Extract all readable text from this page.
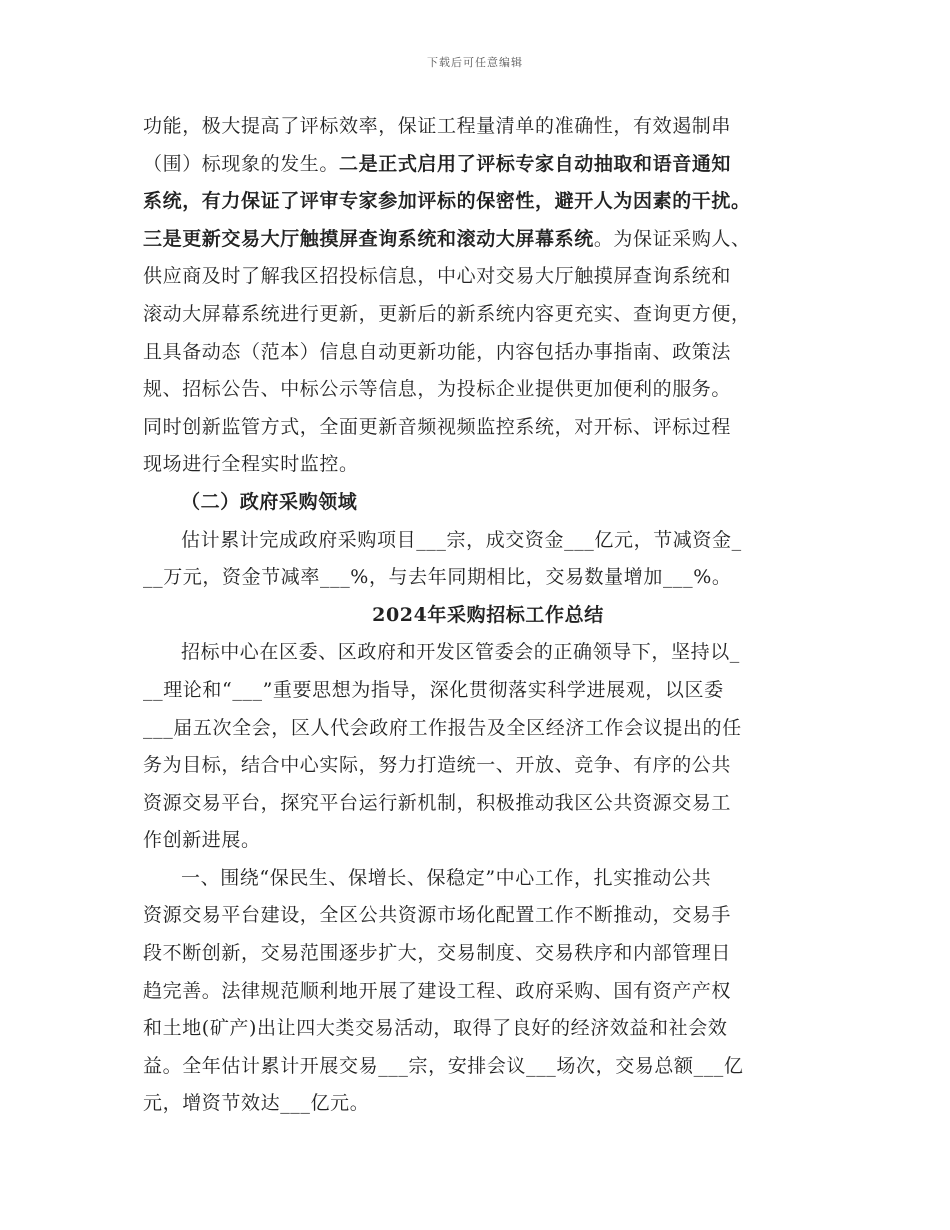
下载后可任意编辑
功能，极大提高了评标效率，保证工程量清单的准确性，有效遏制串
（围）标现象的发生。二是正式启用了评标专家自动抽取和语音通知
系统，有力保证了评审专家参加评标的保密性，避开人为因素的干扰。
三是更新交易大厅触摸屏查询系统和滚动大屏幕系统。为保证采购人、
供应商及时了解我区招投标信息，中心对交易大厅触摸屏查询系统和
滚动大屏幕系统进行更新，更新后的新系统内容更充实、查询更方便，
且具备动态（范本）信息自动更新功能，内容包括办事指南、政策法
规、招标公告、中标公示等信息，为投标企业提供更加便利的服务。
同时创新监管方式，全面更新音频视频监控系统，对开标、评标过程
现场进行全程实时监控。
（二）政府采购领域
估计累计完成政府采购项目___宗，成交资金___亿元，节减资金_
__万元，资金节减率___%，与去年同期相比，交易数量增加___%。
2024年采购招标工作总结
招标中心在区委、区政府和开发区管委会的正确领导下，坚持以_
__理论和“___”重要思想为指导，深化贯彻落实科学进展观，以区委
___届五次全会，区人代会政府工作报告及全区经济工作会议提出的任
务为目标，结合中心实际，努力打造统一、开放、竞争、有序的公共
资源交易平台，探究平台运行新机制，积极推动我区公共资源交易工
作创新进展。
一、围绕“保民生、保增长、保稳定”中心工作，扎实推动公共
资源交易平台建设，全区公共资源市场化配置工作不断推动，交易手
段不断创新，交易范围逐步扩大，交易制度、交易秩序和内部管理日
趋完善。法律规范顺利地开展了建设工程、政府采购、国有资产产权
和土地(矿产)出让四大类交易活动，取得了良好的经济效益和社会效
益。全年估计累计开展交易___宗，安排会议___场次，交易总额___亿
元，增资节效达___亿元。
